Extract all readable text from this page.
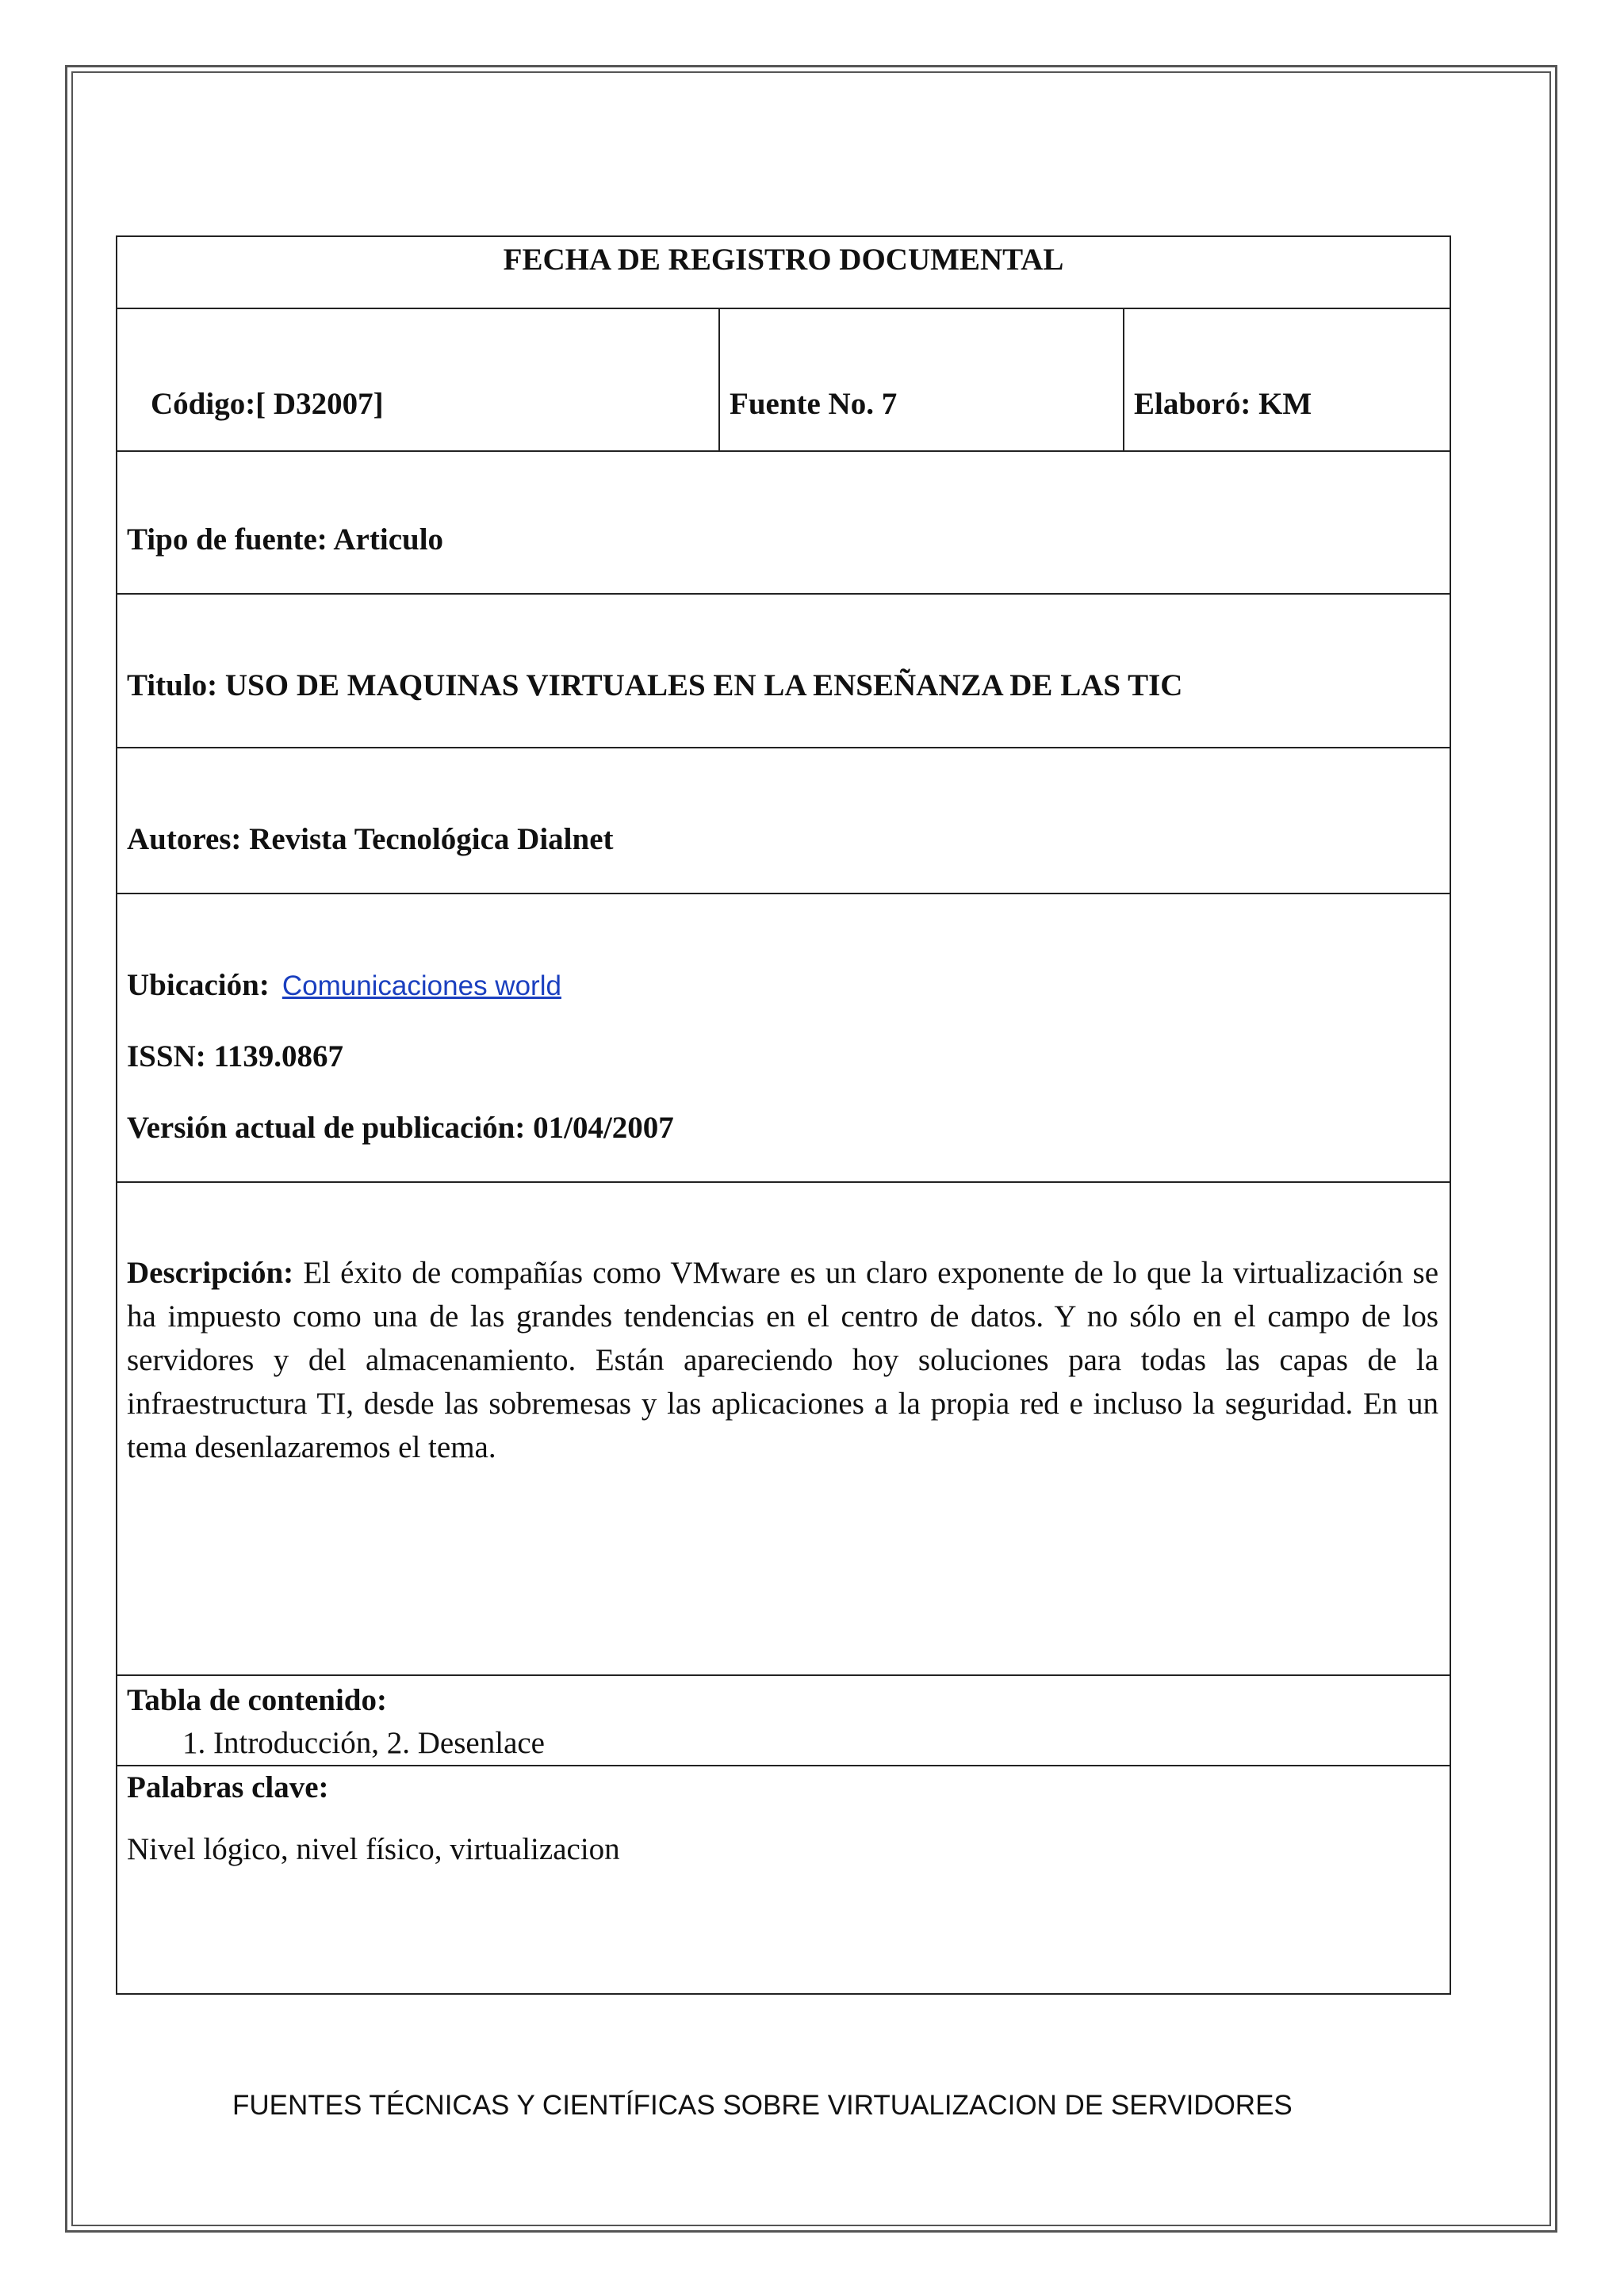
FECHA DE REGISTRO DOCUMENTAL

Código:[ D32007]	Fuente No. 7	Elaboró: KM

Tipo de fuente: Articulo

Titulo: USO DE MAQUINAS VIRTUALES EN LA ENSEÑANZA DE LAS TIC

Autores: Revista Tecnológica Dialnet

Ubicación: Comunicaciones world
ISSN: 1139.0867
Versión actual de publicación: 01/04/2007

Descripción: El éxito de compañías como VMware es un claro exponente de lo que la virtualización se ha impuesto como una de las grandes tendencias en el centro de datos. Y no sólo en el campo de los servidores y del almacenamiento. Están apareciendo hoy soluciones para todas las capas de la infraestructura TI, desde las sobremesas y las aplicaciones a la propia red e incluso la seguridad. En un tema desenlazaremos el tema.

Tabla de contenido:
1. Introducción, 2. Desenlace

Palabras clave:
Nivel lógico, nivel físico, virtualizacion
FUENTES TÉCNICAS Y CIENTÍFICAS SOBRE VIRTUALIZACION DE SERVIDORES
